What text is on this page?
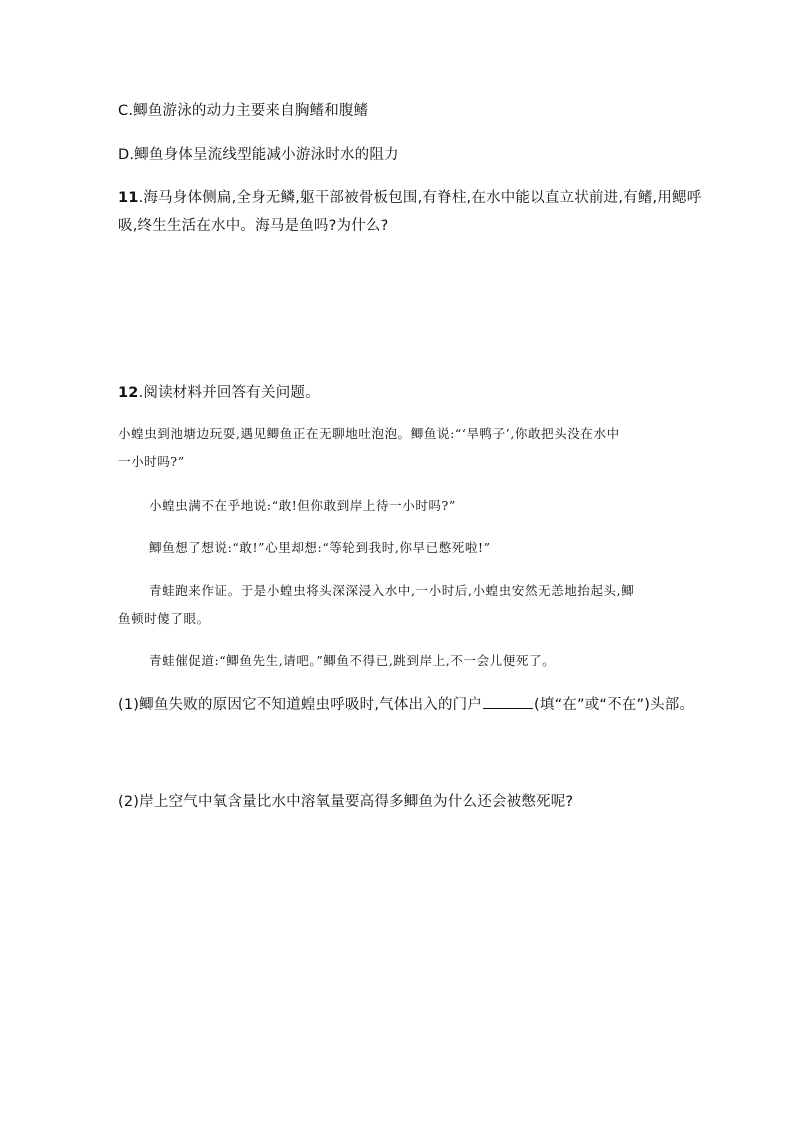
C.鲫鱼游泳的动力主要来自胸鳍和腹鳍
D.鲫鱼身体呈流线型能减小游泳时水的阻力
11.海马身体侧扁,全身无鳞,躯干部被骨板包围,有脊柱,在水中能以直立状前进,有鳍,用鳃呼
吸,终生生活在水中。海马是鱼吗?为什么?
12.阅读材料并回答有关问题。
小蝗虫到池塘边玩耍,遇见鲫鱼正在无聊地吐泡泡。鲫鱼说:“‘旱鸭子’,你敢把头没在水中
一小时吗?”
小蝗虫满不在乎地说:“敢!但你敢到岸上待一小时吗?”
鲫鱼想了想说:“敢!”心里却想:“等轮到我时,你早已憋死啦!”
青蛙跑来作证。于是小蝗虫将头深深浸入水中,一小时后,小蝗虫安然无恙地抬起头,鲫
鱼顿时傻了眼。
青蛙催促道:“鲫鱼先生,请吧。”鲫鱼不得已,跳到岸上,不一会儿便死了。
(1)鲫鱼失败的原因它不知道蝗虫呼吸时,气体出入的门户	(填“在”或“不在”)头部。
(2)岸上空气中氧含量比水中溶氧量要高得多鲫鱼为什么还会被憋死呢?
